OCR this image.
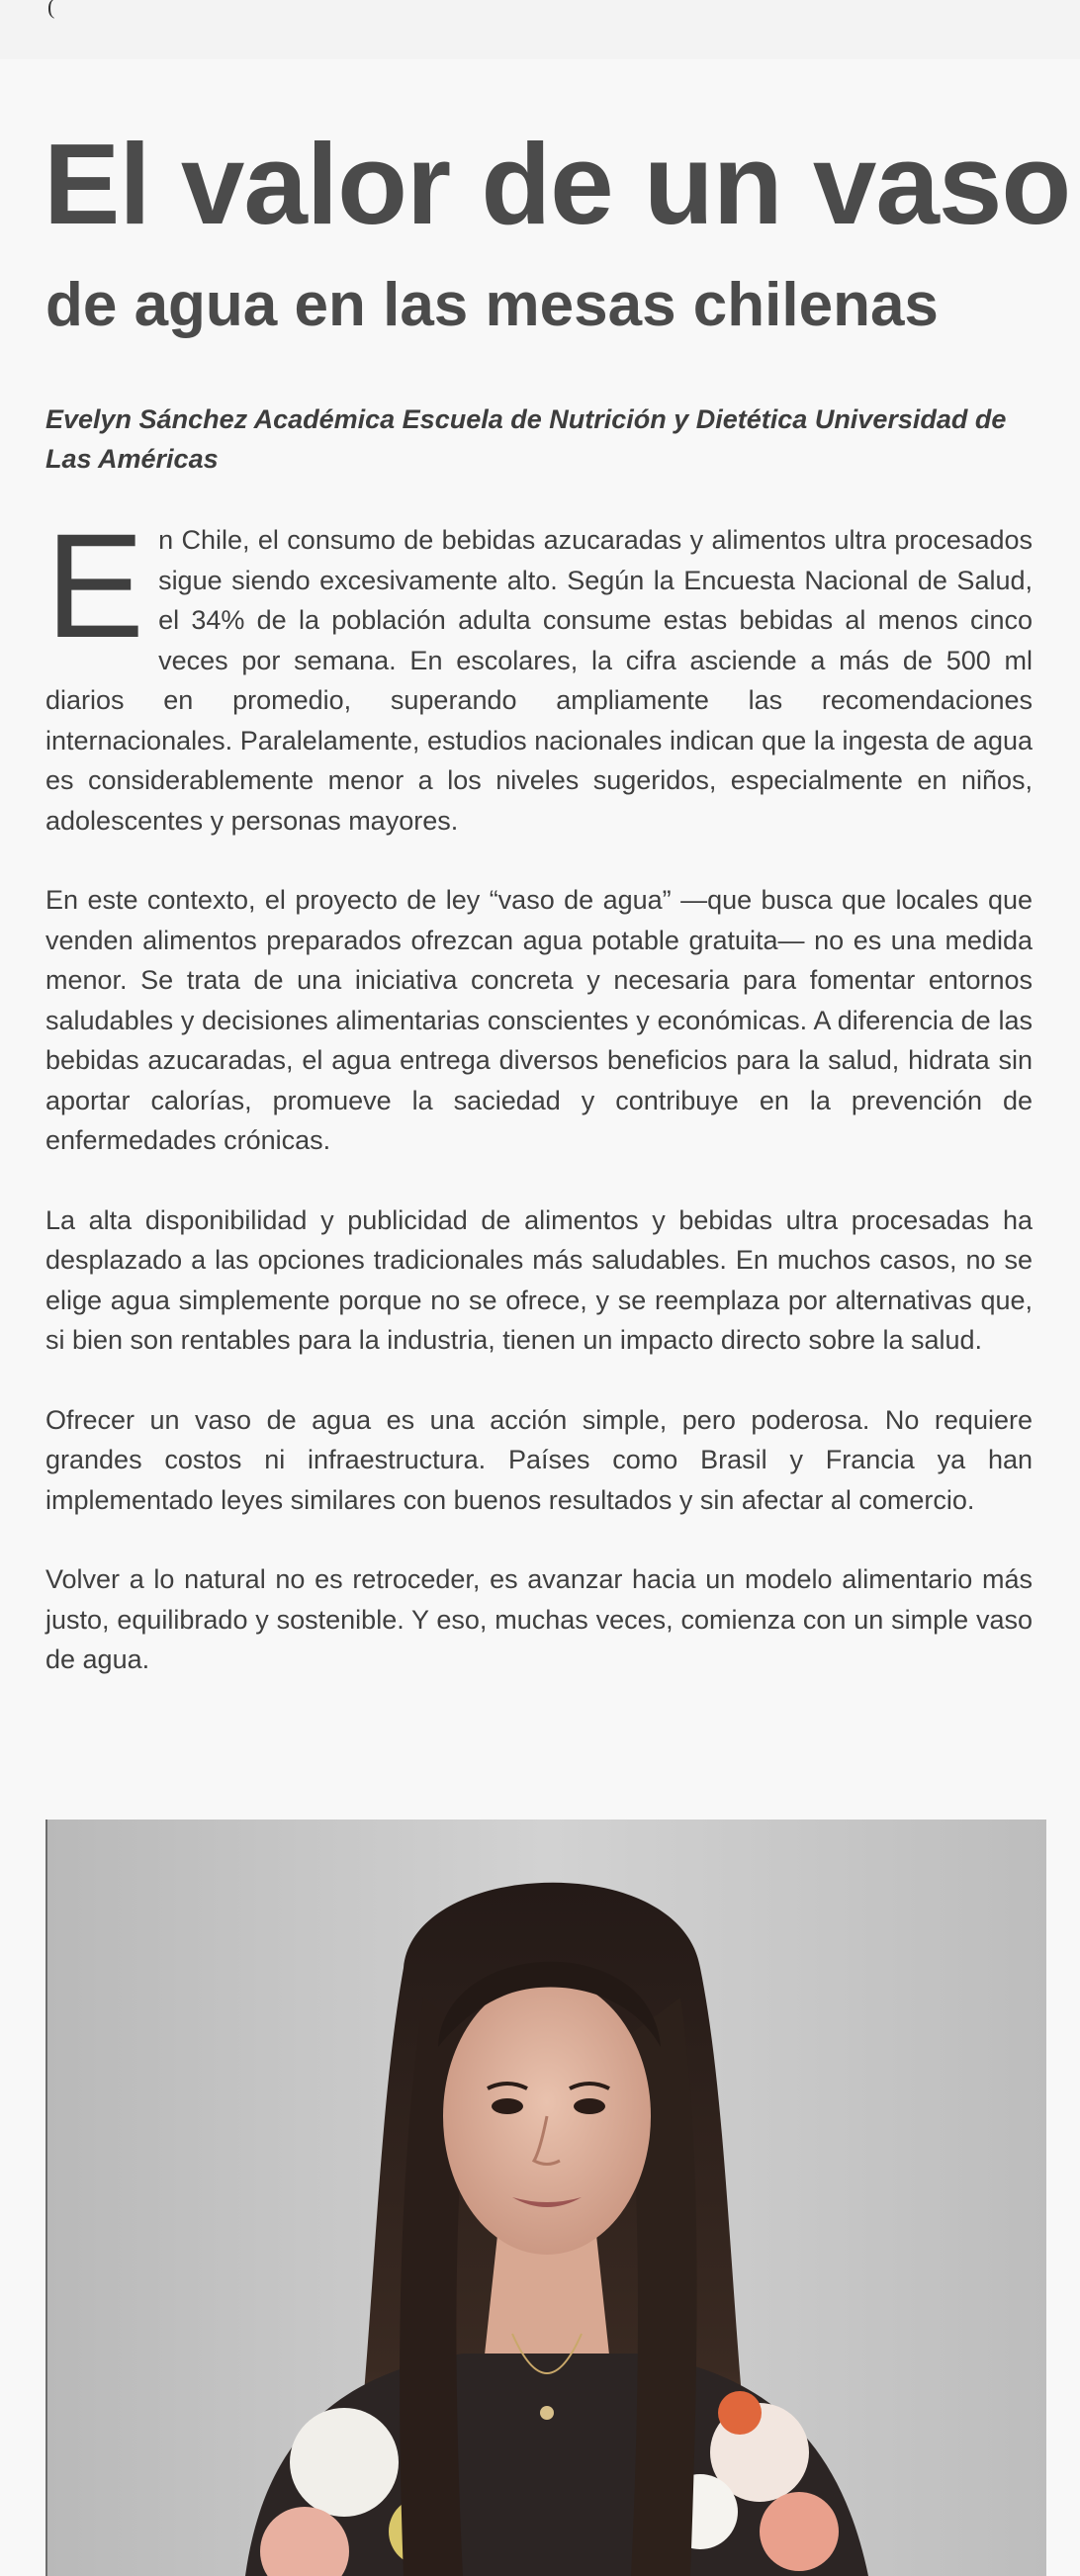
(
El valor de un vaso
de agua en las mesas chilenas

Evelyn Sánchez Académica Escuela de Nutrición y Dietética Universidad de Las Américas

En Chile, el consumo de bebidas azucaradas y alimentos ultra procesados sigue siendo excesivamente alto. Según la Encuesta Nacional de Salud, el 34% de la población adulta consume estas bebidas al menos cinco veces por semana. En escolares, la cifra asciende a más de 500 ml diarios en promedio, superando ampliamente las recomendaciones internacionales. Paralelamente, estudios nacionales indican que la ingesta de agua es considerablemente menor a los niveles sugeridos, especialmente en niños, adolescentes y personas mayores.

En este contexto, el proyecto de ley “vaso de agua” —que busca que locales que venden alimentos preparados ofrezcan agua potable gratuita— no es una medida menor. Se trata de una iniciativa concreta y necesaria para fomentar entornos saludables y decisiones alimentarias conscientes y económicas. A diferencia de las bebidas azucaradas, el agua entrega diversos beneficios para la salud, hidrata sin aportar calorías, promueve la saciedad y contribuye en la prevención de enfermedades crónicas.

La alta disponibilidad y publicidad de alimentos y bebidas ultra procesadas ha desplazado a las opciones tradicionales más saludables. En muchos casos, no se elige agua simplemente porque no se ofrece, y se reemplaza por alternativas que, si bien son rentables para la industria, tienen un impacto directo sobre la salud.

Ofrecer un vaso de agua es una acción simple, pero poderosa. No requiere grandes costos ni infraestructura. Países como Brasil y Francia ya han implementado leyes similares con buenos resultados y sin afectar al comercio.

Volver a lo natural no es retroceder, es avanzar hacia un modelo alimentario más justo, equilibrado y sostenible. Y eso, muchas veces, comienza con un simple vaso de agua.
